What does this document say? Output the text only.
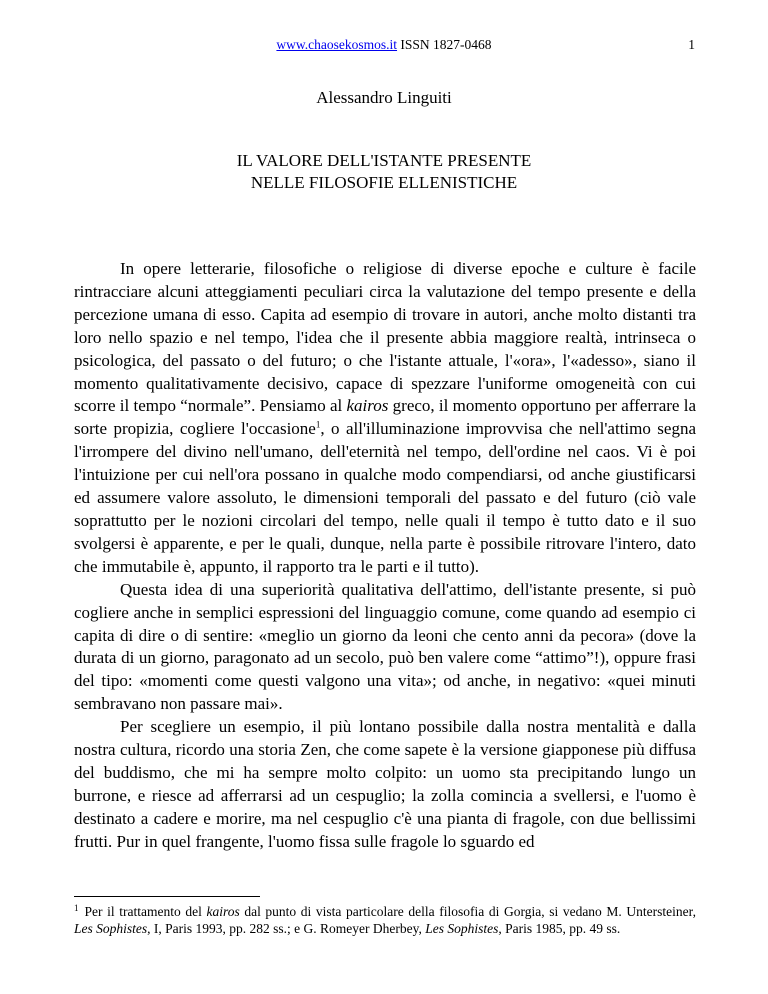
www.chaosekosmos.it ISSN 1827-0468	1
Alessandro Linguiti
IL VALORE DELL'ISTANTE PRESENTE
NELLE FILOSOFIE ELLENISTICHE

In opere letterarie, filosofiche o religiose di diverse epoche e culture è facile rintracciare alcuni atteggiamenti peculiari circa la valutazione del tempo presente e della percezione umana di esso. Capita ad esempio di trovare in autori, anche molto distanti tra loro nello spazio e nel tempo, l'idea che il presente abbia maggiore realtà, intrinseca o psicologica, del passato o del futuro; o che l'istante attuale, l'«ora», l'«adesso», siano il momento qualitativamente decisivo, capace di spezzare l'uniforme omogeneità con cui scorre il tempo “normale”. Pensiamo al kairos greco, il momento opportuno per afferrare la sorte propizia, cogliere l'occasione$^1$, o all'illuminazione improvvisa che nell'attimo segna l'irrompere del divino nell'umano, dell'eternità nel tempo, dell'ordine nel caos. Vi è poi l'intuizione per cui nell'ora possano in qualche modo compendiarsi, od anche giustificarsi ed assumere valore assoluto, le dimensioni temporali del passato e del futuro (ciò vale soprattutto per le nozioni circolari del tempo, nelle quali il tempo è tutto dato e il suo svolgersi è apparente, e per le quali, dunque, nella parte è possibile ritrovare l'intero, dato che immutabile è, appunto, il rapporto tra le parti e il tutto).

Questa idea di una superiorità qualitativa dell'attimo, dell'istante presente, si può cogliere anche in semplici espressioni del linguaggio comune, come quando ad esempio ci capita di dire o di sentire: «meglio un giorno da leoni che cento anni da pecora» (dove la durata di un giorno, paragonato ad un secolo, può ben valere come “attimo”!), oppure frasi del tipo: «momenti come questi valgono una vita»; od anche, in negativo: «quei minuti sembravano non passare mai».

Per scegliere un esempio, il più lontano possibile dalla nostra mentalità e dalla nostra cultura, ricordo una storia Zen, che come sapete è la versione giapponese più diffusa del buddismo, che mi ha sempre molto colpito: un uomo sta precipitando lungo un burrone, e riesce ad afferrarsi ad un cespuglio; la zolla comincia a svellersi, e l'uomo è destinato a cadere e morire, ma nel cespuglio c'è una pianta di fragole, con due bellissimi frutti. Pur in quel frangente, l'uomo fissa sulle fragole lo sguardo ed

$^1$ Per il trattamento del kairos dal punto di vista particolare della filosofia di Gorgia, si vedano M. Untersteiner, Les Sophistes, I, Paris 1993, pp. 282 ss.; e G. Romeyer Dherbey, Les Sophistes, Paris 1985, pp. 49 ss.
